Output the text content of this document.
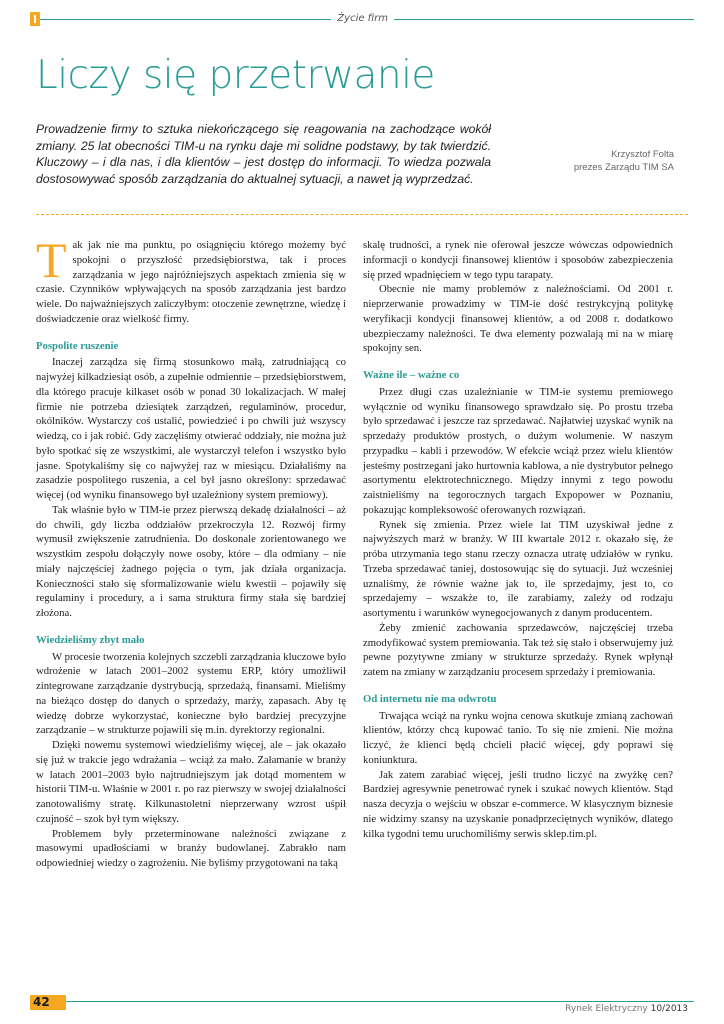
Życie firm
Liczy się przetrwanie

Prowadzenie firmy to sztuka niekończącego się reagowania na zachodzące wokół zmiany. 25 lat obecności TIM-u na rynku daje mi solidne podstawy, by tak twierdzić. Kluczowy – i dla nas, i dla klientów – jest dostęp do informacji. To wiedza pozwala dostosowywać sposób zarządzania do aktualnej sytuacji, a nawet ją wyprzedzać.

Krzysztof Folta
prezes Zarządu TIM SA
T ak jak nie ma punktu, po osiągnięciu którego możemy być spokojni o przyszłość przedsiębiorstwa, tak i proces zarządzania w jego najróżniejszych aspektach zmienia się w czasie. Czynników wpływających na sposób zarządzania jest bardzo wiele. Do najważniejszych zaliczyłbym: otoczenie zewnętrzne, wiedzę i doświadczenie oraz wielkość firmy.

Pospolite ruszenie

Inaczej zarządza się firmą stosunkowo małą, zatrudniającą co najwyżej kilkadziesiąt osób, a zupełnie odmiennie – przedsiębiorstwem, dla którego pracuje kilkaset osób w ponad 30 lokalizacjach. W małej firmie nie potrzeba dziesiątek zarządzeń, regulaminów, procedur, okólników. Wystarczy coś ustalić, powiedzieć i po chwili już wszyscy wiedzą, co i jak robić. Gdy zaczęliśmy otwierać oddziały, nie można już było spotkać się ze wszystkimi, ale wystarczył telefon i wszystko było jasne. Spotykaliśmy się co najwyżej raz w miesiącu. Działaliśmy na zasadzie pospolitego ruszenia, a cel był jasno określony: sprzedawać więcej (od wyniku finansowego był uzależniony system premiowy).

Tak właśnie było w TIM-ie przez pierwszą dekadę działalności – aż do chwili, gdy liczba oddziałów przekroczyła 12. Rozwój firmy wymusił zwiększenie zatrudnienia. Do doskonale zorientowanego we wszystkim zespołu dołączyły nowe osoby, które – dla odmiany – nie miały najczęściej żadnego pojęcia o tym, jak działa organizacja. Konieczności stało się sformalizowanie wielu kwestii – pojawiły się regulaminy i procedury, a i sama struktura firmy stała się bardziej złożona.

Wiedzieliśmy zbyt mało

W procesie tworzenia kolejnych szczebli zarządzania kluczowe było wdrożenie w latach 2001–2002 systemu ERP, który umożliwił zintegrowane zarządzanie dystrybucją, sprzedażą, finansami. Mieliśmy na bieżąco dostęp do danych o sprzedaży, marży, zapasach. Aby tę wiedzę dobrze wykorzystać, konieczne było bardziej precyzyjne zarządzanie – w strukturze pojawili się m.in. dyrektorzy regionalni.

Dzięki nowemu systemowi wiedzieliśmy więcej, ale – jak okazało się już w trakcie jego wdrażania – wciąż za mało. Załamanie w branży w latach 2001–2003 było najtrudniejszym jak dotąd momentem w historii TIM-u. Właśnie w 2001 r. po raz pierwszy w swojej działalności zanotowaliśmy stratę. Kilkunastoletni nieprzerwany wzrost uśpił czujność – szok był tym większy.

Problemem były przeterminowane należności związane z masowymi upadłościami w branży budowlanej. Zabrakło nam odpowiedniej wiedzy o zagrożeniu. Nie byliśmy przygotowani na taką

skalę trudności, a rynek nie oferował jeszcze wówczas odpowiednich informacji o kondycji finansowej klientów i sposobów zabezpieczenia się przed wpadnięciem w tego typu tarapaty.

Obecnie nie mamy problemów z należnościami. Od 2001 r. nieprzerwanie prowadzimy w TIM-ie dość restrykcyjną politykę weryfikacji kondycji finansowej klientów, a od 2008 r. dodatkowo ubezpieczamy należności. Te dwa elementy pozwalają mi na w miarę spokojny sen.

Ważne ile – ważne co

Przez długi czas uzależnianie w TIM-ie systemu premiowego wyłącznie od wyniku finansowego sprawdzało się. Po prostu trzeba było sprzedawać i jeszcze raz sprzedawać. Najłatwiej uzyskać wynik na sprzedaży produktów prostych, o dużym wolumenie. W naszym przypadku – kabli i przewodów. W efekcie wciąż przez wielu klientów jesteśmy postrzegani jako hurtownia kablowa, a nie dystrybutor pełnego asortymentu elektrotechnicznego. Między innymi z tego powodu zaistnieliśmy na tegorocznych targach Expopower w Poznaniu, pokazując kompleksowość oferowanych rozwiązań.

Rynek się zmienia. Przez wiele lat TIM uzyskiwał jedne z najwyższych marż w branży. W III kwartale 2012 r. okazało się, że próba utrzymania tego stanu rzeczy oznacza utratę udziałów w rynku. Trzeba sprzedawać taniej, dostosowując się do sytuacji. Już wcześniej uznaliśmy, że równie ważne jak to, ile sprzedajmy, jest to, co sprzedajemy – wszakże to, ile zarabiamy, zależy od rodzaju asortymentu i warunków wynegocjowanych z danym producentem.

Żeby zmienić zachowania sprzedawców, najczęściej trzeba zmodyfikować system premiowania. Tak też się stało i obserwujemy już pewne pozytywne zmiany w strukturze sprzedaży. Rynek wpłynął zatem na zmiany w zarządzaniu procesem sprzedaży i premiowania.

Od internetu nie ma odwrotu

Trwająca wciąż na rynku wojna cenowa skutkuje zmianą zachowań klientów, którzy chcą kupować tanio. To się nie zmieni. Nie można liczyć, że klienci będą chcieli płacić więcej, gdy poprawi się koniunktura.

Jak zatem zarabiać więcej, jeśli trudno liczyć na zwyżkę cen? Bardziej agresywnie penetrować rynek i szukać nowych klientów. Stąd nasza decyzja o wejściu w obszar e-commerce. W klasycznym biznesie nie widzimy szansy na uzyskanie ponadprzeciętnych wyników, dlatego kilka tygodni temu uruchomiliśmy serwis sklep.tim.pl.

42	Rynek Elektryczny 10/2013
